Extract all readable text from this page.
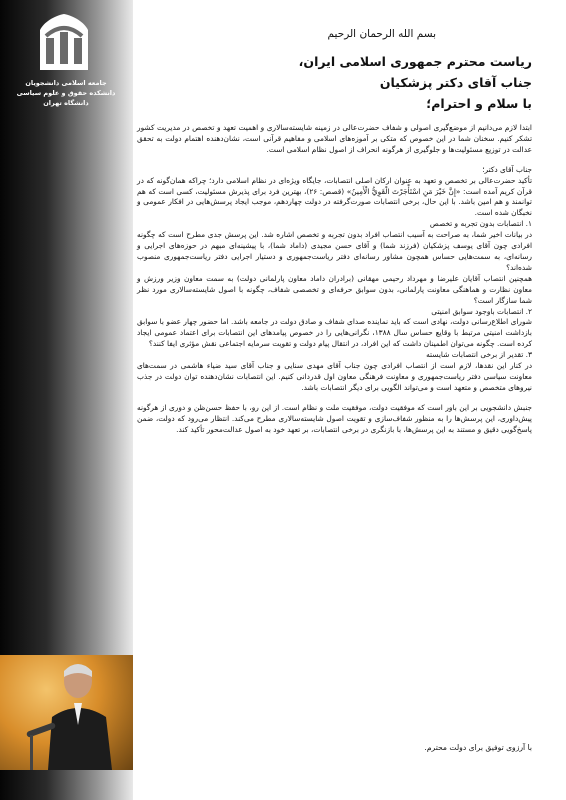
جامعه اسلامی دانشجویان
دانشکده حقوق و علوم سیاسی
دانشگاه تهران
بسم الله الرحمان الرحیم
ریاست محترم جمهوری اسلامی ایران،
جناب آقای دکتر پزشکیان
با سلام و احترام؛

ابتدا لازم می‌دانیم از موضع‌گیری اصولی و شفاف حضرت‌عالی در زمینه شایسته‌سالاری و اهمیت تعهد و تخصص در مدیریت کشور تشکر کنیم. سخنان شما در این خصوص که متکی بر آموزه‌های اسلامی و مفاهیم قرآنی است، نشان‌دهنده اهتمام دولت به تحقق عدالت در توزیع مسئولیت‌ها و جلوگیری از هرگونه انحراف از اصول نظام اسلامی است.

جناب آقای دکتر؛

تأکید حضرت‌عالی بر تخصص و تعهد به عنوان ارکان اصلی انتصابات، جایگاه ویژه‌ای در نظام اسلامی دارد؛ چراکه همان‌گونه که در قرآن کریم آمده است: «إِنَّ خَيْرَ مَنِ اسْتَأْجَرْتَ الْقَوِيُّ الْأَمِينُ» (قصص: ۲۶)، بهترین فرد برای پذیرش مسئولیت، کسی است که هم توانمند و هم امین باشد. با این حال، برخی انتصابات صورت‌گرفته در دولت چهاردهم، موجب ایجاد پرسش‌هایی در افکار عمومی و نخبگان شده است.

۱. انتصابات بدون تجربه و تخصص

در بیانات اخیر شما، به صراحت به آسیب انتصاب افراد بدون تجربه و تخصص اشاره شد. این پرسش جدی مطرح است که چگونه افرادی چون آقای یوسف پزشکیان (فرزند شما) و آقای حسن مجیدی (داماد شما)، با پیشینه‌ای مبهم در حوزه‌های اجرایی و رسانه‌ای، به سمت‌هایی حساس همچون مشاور رسانه‌ای دفتر ریاست‌جمهوری و دستیار اجرایی دفتر ریاست‌جمهوری منصوب شده‌اند؟

همچنین انتصاب آقایان علیرضا و مهرداد رحیمی مهقانی (برادران داماد معاون پارلمانی دولت) به سمت معاون وزیر ورزش و معاون نظارت و هماهنگی معاونت پارلمانی، بدون سوابق حرفه‌ای و تخصصی شفاف، چگونه با اصول شایسته‌سالاری مورد نظر شما سازگار است؟

۲. انتصابات باوجود سوابق امنیتی

شورای اطلاع‌رسانی دولت، نهادی است که باید نماینده صدای شفاف و صادق دولت در جامعه باشد. اما حضور چهار عضو با سوابق بازداشت امنیتی مرتبط با وقایع حساس سال ۱۳۸۸، نگرانی‌هایی را در خصوص پیامدهای این انتصابات برای اعتماد عمومی ایجاد کرده است. چگونه می‌توان اطمینان داشت که این افراد، در انتقال پیام دولت و تقویت سرمایه اجتماعی نقش مؤثری ایفا کنند؟

۳. تقدیر از برخی انتصابات شایسته

در کنار این نقدها، لازم است از انتصاب افرادی چون جناب آقای مهدی سنایی و جناب آقای سید ضیاء هاشمی در سمت‌های معاونت سیاسی دفتر ریاست‌جمهوری و معاونت فرهنگی معاون اول قدردانی کنیم. این انتصابات نشان‌دهنده توان دولت در جذب نیروهای متخصص و متعهد است و می‌تواند الگویی برای دیگر انتصابات باشد.

جنبش دانشجویی بر این باور است که موفقیت دولت، موفقیت ملت و نظام است. از این رو، با حفظ حسن‌ظن و دوری از هرگونه پیش‌داوری، این پرسش‌ها را به منظور شفاف‌سازی و تقویت اصول شایسته‌سالاری مطرح می‌کند. انتظار می‌رود که دولت، ضمن پاسخ‌گویی دقیق و مستند به این پرسش‌ها، با بازنگری در برخی انتصابات، بر تعهد خود به اصول عدالت‌محور تأکید کند.

با آرزوی توفیق برای دولت محترم.
